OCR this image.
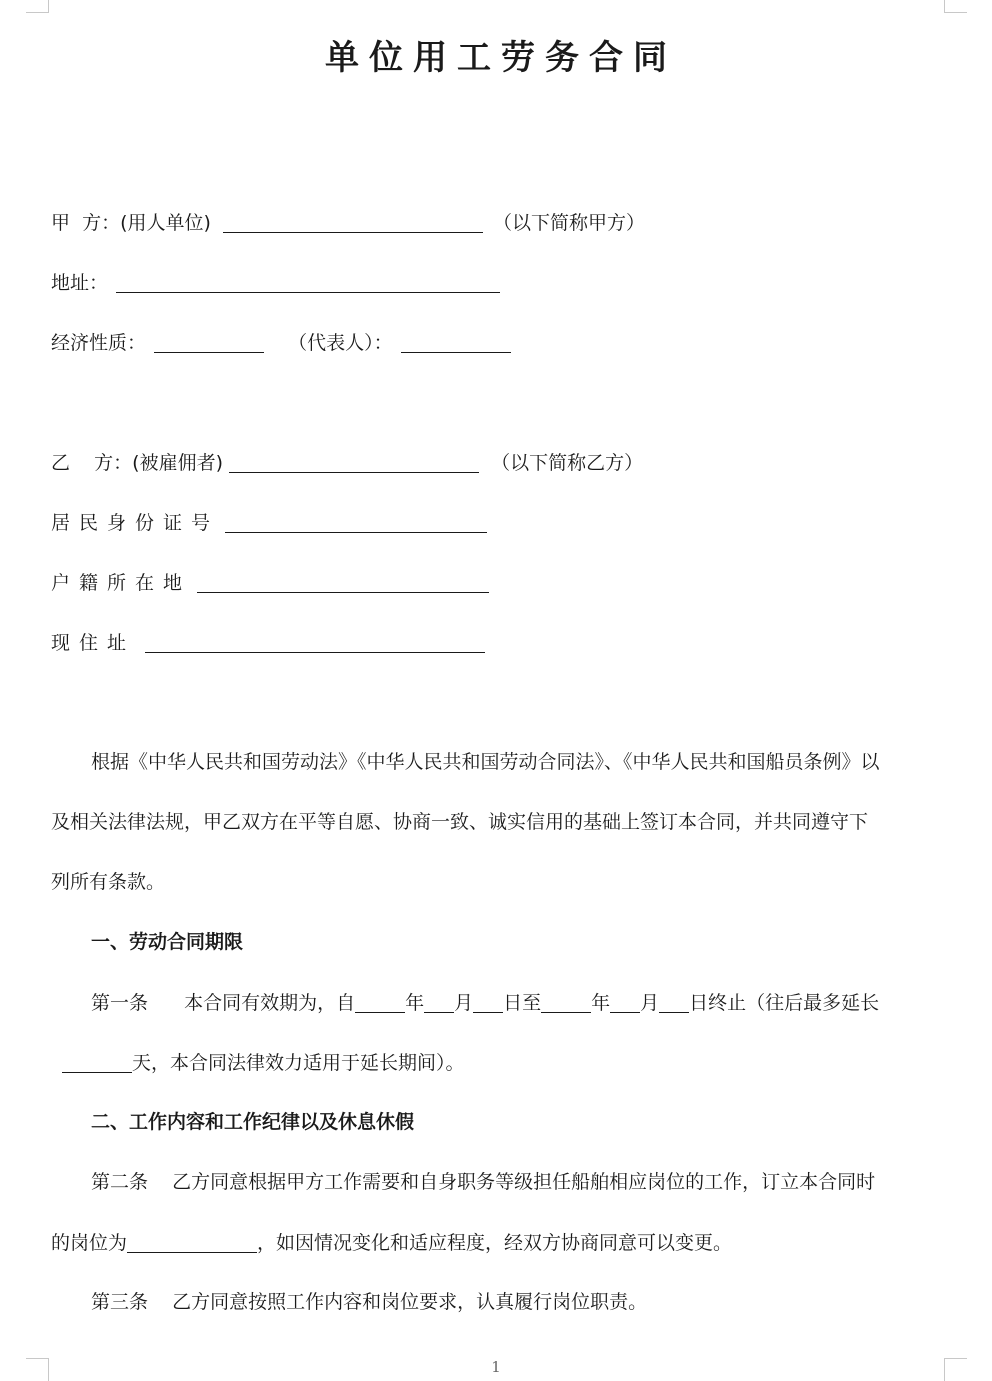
单位用工劳务合同
甲  方：(用人单位)	（以下简称甲方）
地址：
经济性质：	（代表人）：
乙    方：(被雇佣者)	（以下简称乙方）
居民身份证号
户籍所在地
现住址
根据《中华人民共和国劳动法》《中华人民共和国劳动合同法》、《中华人民共和国船员条例》以
及相关法律法规，甲乙双方在平等自愿、协商一致、诚实信用的基础上签订本合同，并共同遵守下
列所有条款。
一、劳动合同期限
第一条 本合同有效期为，自	年 月 日至	年 月 日终止（往后最多延长
天，本合同法律效力适用于延长期间）。
二、工作内容和工作纪律以及休息休假
第二条 乙方同意根据甲方工作需要和自身职务等级担任船舶相应岗位的工作，订立本合同时
的岗位为	，如因情况变化和适应程度，经双方协商同意可以变更。
第三条 乙方同意按照工作内容和岗位要求，认真履行岗位职责。
1
